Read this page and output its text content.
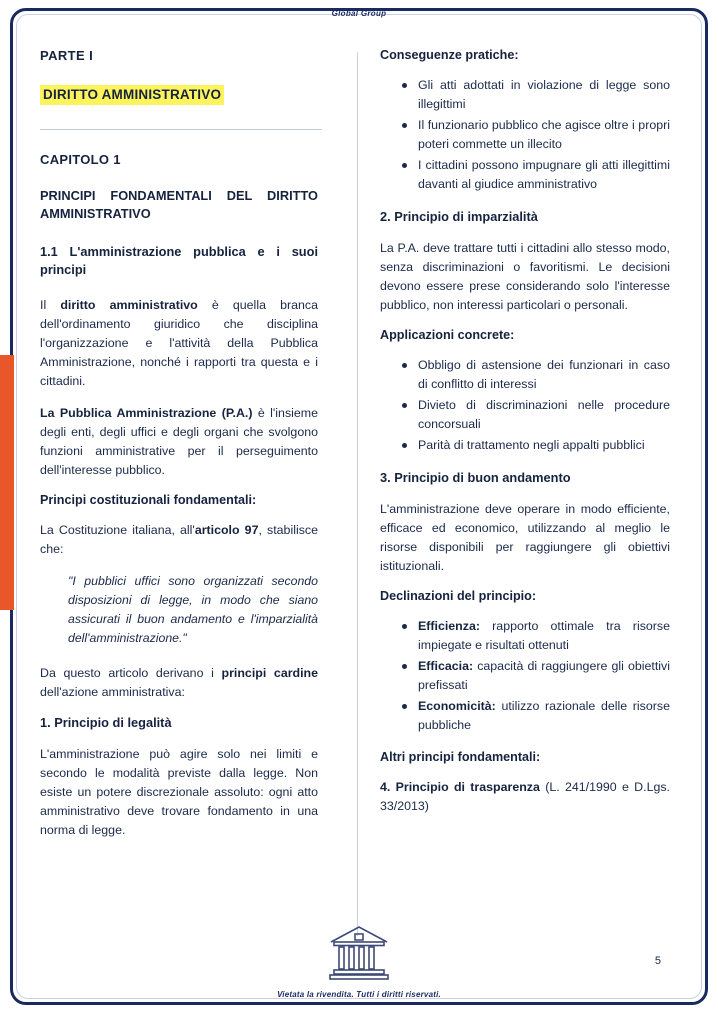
Global Group
PARTE I
DIRITTO AMMINISTRATIVO
CAPITOLO 1
PRINCIPI FONDAMENTALI DEL DIRITTO AMMINISTRATIVO
1.1 L'amministrazione pubblica e i suoi principi

Il diritto amministrativo è quella branca dell'ordinamento giuridico che disciplina l'organizzazione e l'attività della Pubblica Amministrazione, nonché i rapporti tra questa e i cittadini.

La Pubblica Amministrazione (P.A.) è l'insieme degli enti, degli uffici e degli organi che svolgono funzioni amministrative per il perseguimento dell'interesse pubblico.

Principi costituzionali fondamentali:

La Costituzione italiana, all'articolo 97, stabilisce che:

"I pubblici uffici sono organizzati secondo disposizioni di legge, in modo che siano assicurati il buon andamento e l'imparzialità dell'amministrazione."

Da questo articolo derivano i principi cardine dell'azione amministrativa:

1. Principio di legalità

L'amministrazione può agire solo nei limiti e secondo le modalità previste dalla legge. Non esiste un potere discrezionale assoluto: ogni atto amministrativo deve trovare fondamento in una norma di legge.

Conseguenze pratiche:
Gli atti adottati in violazione di legge sono illegittimi
Il funzionario pubblico che agisce oltre i propri poteri commette un illecito
I cittadini possono impugnare gli atti illegittimi davanti al giudice amministrativo
2. Principio di imparzialità

La P.A. deve trattare tutti i cittadini allo stesso modo, senza discriminazioni o favoritismi. Le decisioni devono essere prese considerando solo l'interesse pubblico, non interessi particolari o personali.

Applicazioni concrete:
Obbligo di astensione dei funzionari in caso di conflitto di interessi
Divieto di discriminazioni nelle procedure concorsuali
Parità di trattamento negli appalti pubblici
3. Principio di buon andamento

L'amministrazione deve operare in modo efficiente, efficace ed economico, utilizzando al meglio le risorse disponibili per raggiungere gli obiettivi istituzionali.

Declinazioni del principio:
Efficienza: rapporto ottimale tra risorse impiegate e risultati ottenuti
Efficacia: capacità di raggiungere gli obiettivi prefissati
Economicità: utilizzo razionale delle risorse pubbliche
Altri principi fondamentali:

4. Principio di trasparenza (L. 241/1990 e D.Lgs. 33/2013)

5
Vietata la rivendita. Tutti i diritti riservati.
